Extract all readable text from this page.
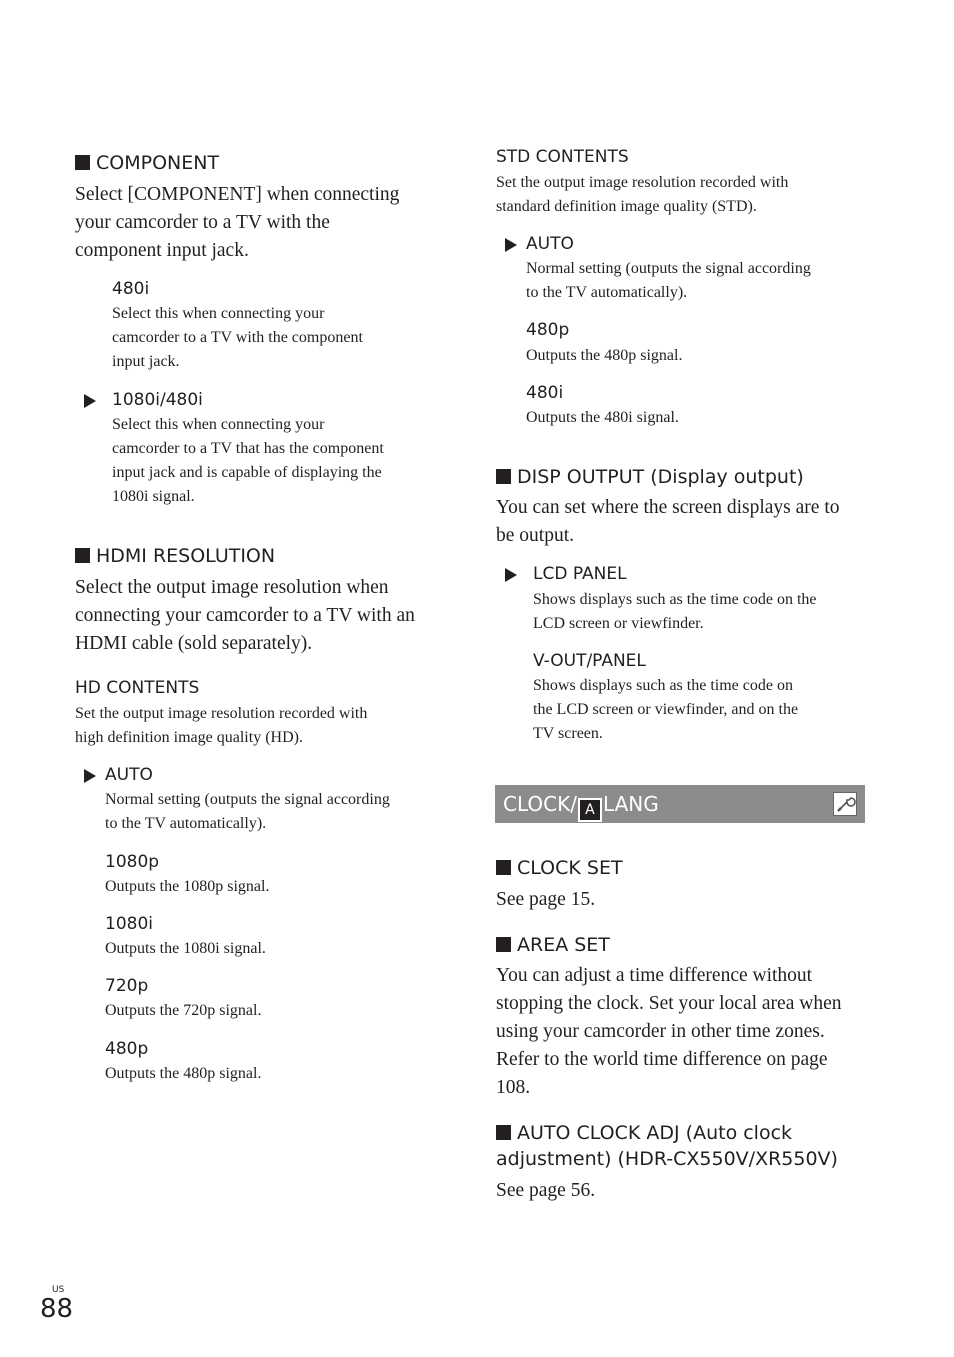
COMPONENT
Select [COMPONENT] when connecting
your camcorder to a TV with the
component input jack.
480i
Select this when connecting your
camcorder to a TV with the component
input jack.
1080i/480i
Select this when connecting your
camcorder to a TV that has the component
input jack and is capable of displaying the
1080i signal.
HDMI RESOLUTION
Select the output image resolution when
connecting your camcorder to a TV with an
HDMI cable (sold separately).
HD CONTENTS
Set the output image resolution recorded with
high definition image quality (HD).
AUTO
Normal setting (outputs the signal according
to the TV automatically).
1080p
Outputs the 1080p signal.
1080i
Outputs the 1080i signal.
720p
Outputs the 720p signal.
480p
Outputs the 480p signal.
STD CONTENTS
Set the output image resolution recorded with
standard definition image quality (STD).
AUTO
Normal setting (outputs the signal according
to the TV automatically).
480p
Outputs the 480p signal.
480i
Outputs the 480i signal.
DISP OUTPUT (Display output)
You can set where the screen displays are to
be output.
LCD PANEL
Shows displays such as the time code on the
LCD screen or viewfinder.
V-OUT/PANEL
Shows displays such as the time code on
the LCD screen or viewfinder, and on the
TV screen.
CLOCK/ A LANG
CLOCK SET
See page 15.
AREA SET
You can adjust a time difference without
stopping the clock. Set your local area when
using your camcorder in other time zones.
Refer to the world time difference on page
108.
AUTO CLOCK ADJ (Auto clock
adjustment) (HDR-CX550V/XR550V)
See page 56.
US
88
